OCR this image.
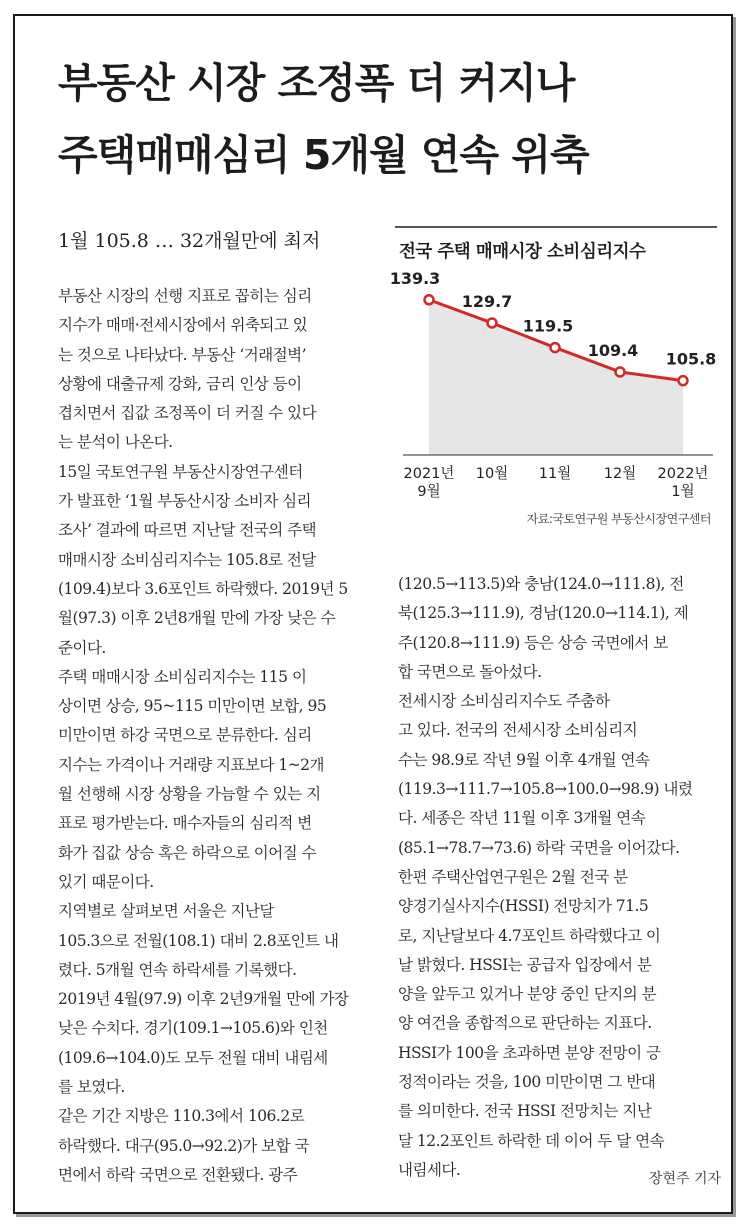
부동산 시장 조정폭 더 커지나
주택매매심리 5개월 연속 위축
1월 105.8 … 32개월만에 최저
부동산 시장의 선행 지표로 꼽히는 심리
지수가 매매·전세시장에서 위축되고 있
는 것으로 나타났다. 부동산 ‘거래절벽’
상황에 대출규제 강화, 금리 인상 등이
겹치면서 집값 조정폭이 더 커질 수 있다
는 분석이 나온다.
15일 국토연구원 부동산시장연구센터
가 발표한 ‘1월 부동산시장 소비자 심리
조사’ 결과에 따르면 지난달 전국의 주택
매매시장 소비심리지수는 105.8로 전달
(109.4)보다 3.6포인트 하락했다. 2019년 5
월(97.3) 이후 2년8개월 만에 가장 낮은 수
준이다.
주택 매매시장 소비심리지수는 115 이
상이면 상승, 95~115 미만이면 보합, 95
미만이면 하강 국면으로 분류한다. 심리
지수는 가격이나 거래량 지표보다 1~2개
월 선행해 시장 상황을 가늠할 수 있는 지
표로 평가받는다. 매수자들의 심리적 변
화가 집값 상승 혹은 하락으로 이어질 수
있기 때문이다.
지역별로 살펴보면 서울은 지난달
105.3으로 전월(108.1) 대비 2.8포인트 내
렸다. 5개월 연속 하락세를 기록했다.
2019년 4월(97.9) 이후 2년9개월 만에 가장
낮은 수치다. 경기(109.1→105.6)와 인천
(109.6→104.0)도 모두 전월 대비 내림세
를 보였다.
같은 기간 지방은 110.3에서 106.2로
하락했다. 대구(95.0→92.2)가 보합 국
면에서 하락 국면으로 전환됐다. 광주
전국 주택 매매시장 소비심리지수
139.3
2021년
9월
129.7
10월
119.5
11월
109.4
12월
105.8
2022년
1월
자료:국토연구원 부동산시장연구센터
(120.5→113.5)와 충남(124.0→111.8), 전
북(125.3→111.9), 경남(120.0→114.1), 제
주(120.8→111.9) 등은 상승 국면에서 보
합 국면으로 돌아섰다.
전세시장 소비심리지수도 주춤하
고 있다. 전국의 전세시장 소비심리지
수는 98.9로 작년 9월 이후 4개월 연속
(119.3→111.7→105.8→100.0→98.9) 내렸
다. 세종은 작년 11월 이후 3개월 연속
(85.1→78.7→73.6) 하락 국면을 이어갔다.
한편 주택산업연구원은 2월 전국 분
양경기실사지수(HSSI) 전망치가 71.5
로, 지난달보다 4.7포인트 하락했다고 이
날 밝혔다. HSSI는 공급자 입장에서 분
양을 앞두고 있거나 분양 중인 단지의 분
양 여건을 종합적으로 판단하는 지표다.
HSSI가 100을 초과하면 분양 전망이 긍
정적이라는 것을, 100 미만이면 그 반대
를 의미한다. 전국 HSSI 전망치는 지난
달 12.2포인트 하락한 데 이어 두 달 연속
내림세다.
장현주 기자
